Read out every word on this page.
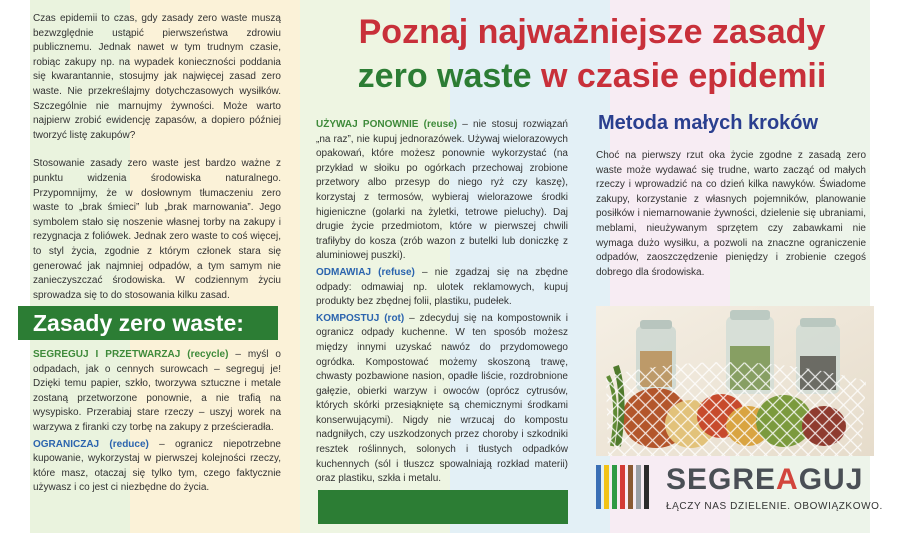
Czas epidemii to czas, gdy zasady zero waste muszą bezwzględnie ustąpić pierwszeństwa zdrowiu publicznemu. Jednak nawet w tym trudnym czasie, robiąc zakupy np. na wypadek konieczności poddania się kwarantannie, stosujmy jak najwięcej zasad zero waste. Nie przekreślajmy dotychczasowych wysiłków. Szczególnie nie marnujmy żywności. Może warto najpierw zrobić ewidencję zapasów, a dopiero później tworzyć listę zakupów?

Stosowanie zasady zero waste jest bardzo ważne z punktu widzenia środowiska naturalnego. Przypomnijmy, że w dosłownym tłumaczeniu zero waste to „brak śmieci” lub „brak marnowania”. Jego symbolem stało się noszenie własnej torby na zakupy i rezygnacja z foliówek. Jednak zero waste to coś więcej, to styl życia, zgodnie z którym członek stara się generować jak najmniej odpadów, a tym samym nie zanieczyszczać środowiska. W codziennym życiu sprowadza się to do stosowania kilku zasad.

Zasady zero waste:

SEGREGUJ I PRZETWARZAJ (recycle) – myśl o odpadach, jak o cennych surowcach – segreguj je! Dzięki temu papier, szkło, tworzywa sztuczne i metale zostaną przetworzone ponownie, a nie trafią na wysypisko. Przerabiaj stare rzeczy – uszyj worek na warzywa z firanki czy torbę na zakupy z prześcieradła.

OGRANICZAJ (reduce) – ogranicz niepotrzebne kupowanie, wykorzystaj w pierwszej kolejności rzeczy, które masz, otaczaj się tylko tym, czego faktycznie używasz i co jest ci niezbędne do życia.

Poznaj najważniejsze zasady
zero waste w czasie epidemii

UŻYWAJ PONOWNIE (reuse) – nie stosuj rozwiązań „na raz”, nie kupuj jednorazówek. Używaj wielorazowych opakowań, które możesz ponownie wykorzystać (na przykład w słoiku po ogórkach przechowaj zrobione przetwory albo przesyp do niego ryż czy kaszę), korzystaj z termosów, wybieraj wielorazowe środki higieniczne (golarki na żyletki, tetrowe pieluchy). Daj drugie życie przedmiotom, które w pierwszej chwili trafiłyby do kosza (zrób wazon z butelki lub doniczkę z aluminiowej puszki).

ODMAWIAJ (refuse) – nie zgadzaj się na zbędne odpady: odmawiaj np. ulotek reklamowych, kupuj produkty bez zbędnej folii, plastiku, pudełek.

KOMPOSTUJ (rot) – zdecyduj się na kompostownik i ogranicz odpady kuchenne. W ten sposób możesz między innymi uzyskać nawóz do przydomowego ogródka. Kompostować możemy skoszoną trawę, chwasty pozbawione nasion, opadłe liście, rozdrobnione gałęzie, obierki warzyw i owoców (oprócz cytrusów, których skórki przesiąknięte są chemicznymi środkami konserwującymi). Nigdy nie wrzucaj do kompostu nadgniłych, czy uszkodzonych przez choroby i szkodniki resztek roślinnych, solonych i tłustych odpadków kuchennych (sól i tłuszcz spowalniają rozkład materii) oraz plastiku, szkła i metalu.

Metoda małych kroków

Choć na pierwszy rzut oka życie zgodne z zasadą zero waste może wydawać się trudne, warto zacząć od małych rzeczy i wprowadzić na co dzień kilka nawyków. Świadome zakupy, korzystanie z własnych pojemników, planowanie posiłków i niemarnowanie żywności, dzielenie się ubraniami, meblami, nieużywanym sprzętem czy zabawkami nie wymaga dużo wysiłku, a pozwoli na znaczne ograniczenie odpadów, zaoszczędzenie pieniędzy i zrobienie czegoś dobrego dla środowiska.

SEGREAGUJ
ŁĄCZY NAS DZIELENIE. OBOWIĄZKOWO.
